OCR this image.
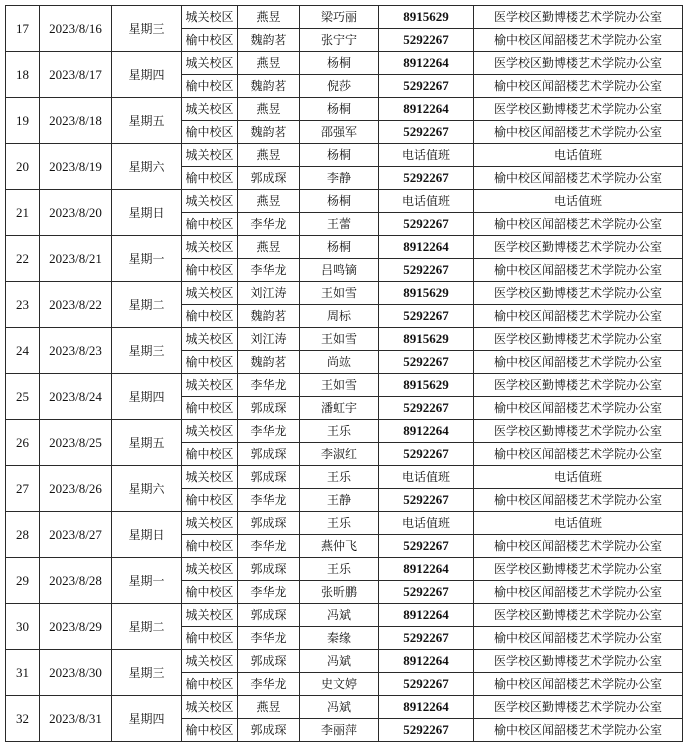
17	2023/8/16	星期三	城关校区	燕昱	梁巧丽	8915629	医学校区勤博楼艺术学院办公室
			榆中校区	魏韵茗	张宁宁	5292267	榆中校区闻韶楼艺术学院办公室
18	2023/8/17	星期四	城关校区	燕昱	杨桐	8912264	医学校区勤博楼艺术学院办公室
			榆中校区	魏韵茗	倪莎	5292267	榆中校区闻韶楼艺术学院办公室
19	2023/8/18	星期五	城关校区	燕昱	杨桐	8912264	医学校区勤博楼艺术学院办公室
			榆中校区	魏韵茗	邵强军	5292267	榆中校区闻韶楼艺术学院办公室
20	2023/8/19	星期六	城关校区	燕昱	杨桐	电话值班	电话值班
			榆中校区	郭成琛	李静	5292267	榆中校区闻韶楼艺术学院办公室
21	2023/8/20	星期日	城关校区	燕昱	杨桐	电话值班	电话值班
			榆中校区	李华龙	王蕾	5292267	榆中校区闻韶楼艺术学院办公室
22	2023/8/21	星期一	城关校区	燕昱	杨桐	8912264	医学校区勤博楼艺术学院办公室
			榆中校区	李华龙	吕鸣镝	5292267	榆中校区闻韶楼艺术学院办公室
23	2023/8/22	星期二	城关校区	刘江涛	王如雪	8915629	医学校区勤博楼艺术学院办公室
			榆中校区	魏韵茗	周标	5292267	榆中校区闻韶楼艺术学院办公室
24	2023/8/23	星期三	城关校区	刘江涛	王如雪	8915629	医学校区勤博楼艺术学院办公室
			榆中校区	魏韵茗	尚竑	5292267	榆中校区闻韶楼艺术学院办公室
25	2023/8/24	星期四	城关校区	李华龙	王如雪	8915629	医学校区勤博楼艺术学院办公室
			榆中校区	郭成琛	潘虹宇	5292267	榆中校区闻韶楼艺术学院办公室
26	2023/8/25	星期五	城关校区	李华龙	王乐	8912264	医学校区勤博楼艺术学院办公室
			榆中校区	郭成琛	李淑红	5292267	榆中校区闻韶楼艺术学院办公室
27	2023/8/26	星期六	城关校区	郭成琛	王乐	电话值班	电话值班
			榆中校区	李华龙	王静	5292267	榆中校区闻韶楼艺术学院办公室
28	2023/8/27	星期日	城关校区	郭成琛	王乐	电话值班	电话值班
			榆中校区	李华龙	燕仲飞	5292267	榆中校区闻韶楼艺术学院办公室
29	2023/8/28	星期一	城关校区	郭成琛	王乐	8912264	医学校区勤博楼艺术学院办公室
			榆中校区	李华龙	张昕鹏	5292267	榆中校区闻韶楼艺术学院办公室
30	2023/8/29	星期二	城关校区	郭成琛	冯斌	8912264	医学校区勤博楼艺术学院办公室
			榆中校区	李华龙	秦缘	5292267	榆中校区闻韶楼艺术学院办公室
31	2023/8/30	星期三	城关校区	郭成琛	冯斌	8912264	医学校区勤博楼艺术学院办公室
			榆中校区	李华龙	史文婷	5292267	榆中校区闻韶楼艺术学院办公室
32	2023/8/31	星期四	城关校区	燕昱	冯斌	8912264	医学校区勤博楼艺术学院办公室
			榆中校区	郭成琛	李丽萍	5292267	榆中校区闻韶楼艺术学院办公室
